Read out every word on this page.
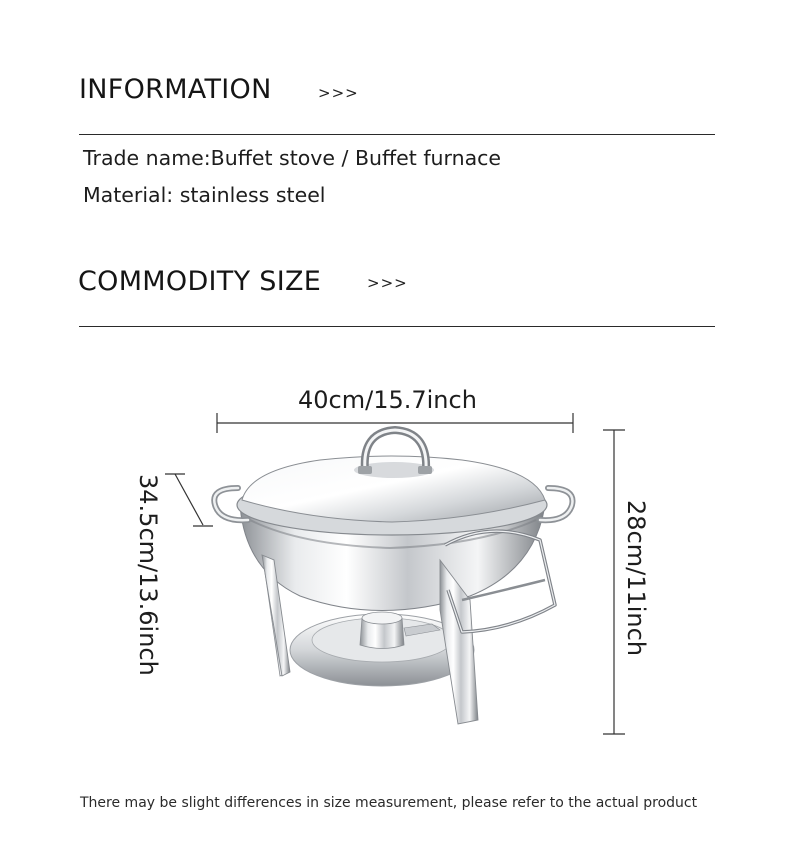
INFORMATION	>>>
Trade name:Buffet stove / Buffet furnace
Material: stainless steel
COMMODITY SIZE	>>>
40cm/15.7inch
34.5cm/13.6inch	28cm/11inch
There may be slight differences in size measurement, please refer to the actual product
